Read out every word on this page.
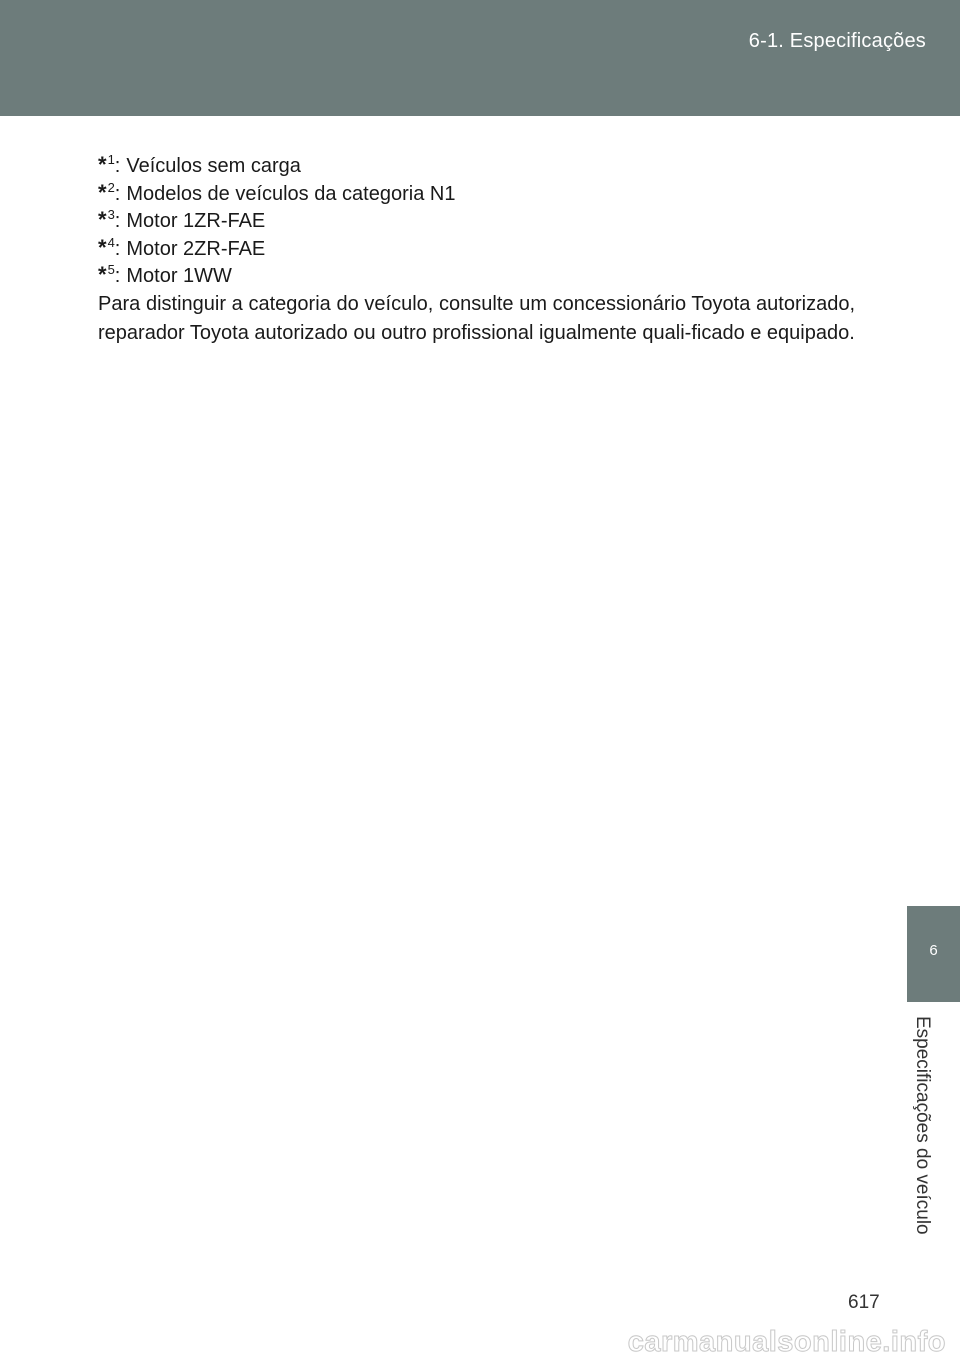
6-1. Especificações
6
Especificações do veículo
*$^1$: Veículos sem carga
*$^2$: Modelos de veículos da categoria N1
*$^3$: Motor 1ZR-FAE
*$^4$: Motor 2ZR-FAE
*$^5$: Motor 1WW

Para distinguir a categoria do veículo, consulte um concessionário Toyota autorizado, reparador Toyota autorizado ou outro profissional igualmente quali-ficado e equipado.

617
carmanualsonline.info
